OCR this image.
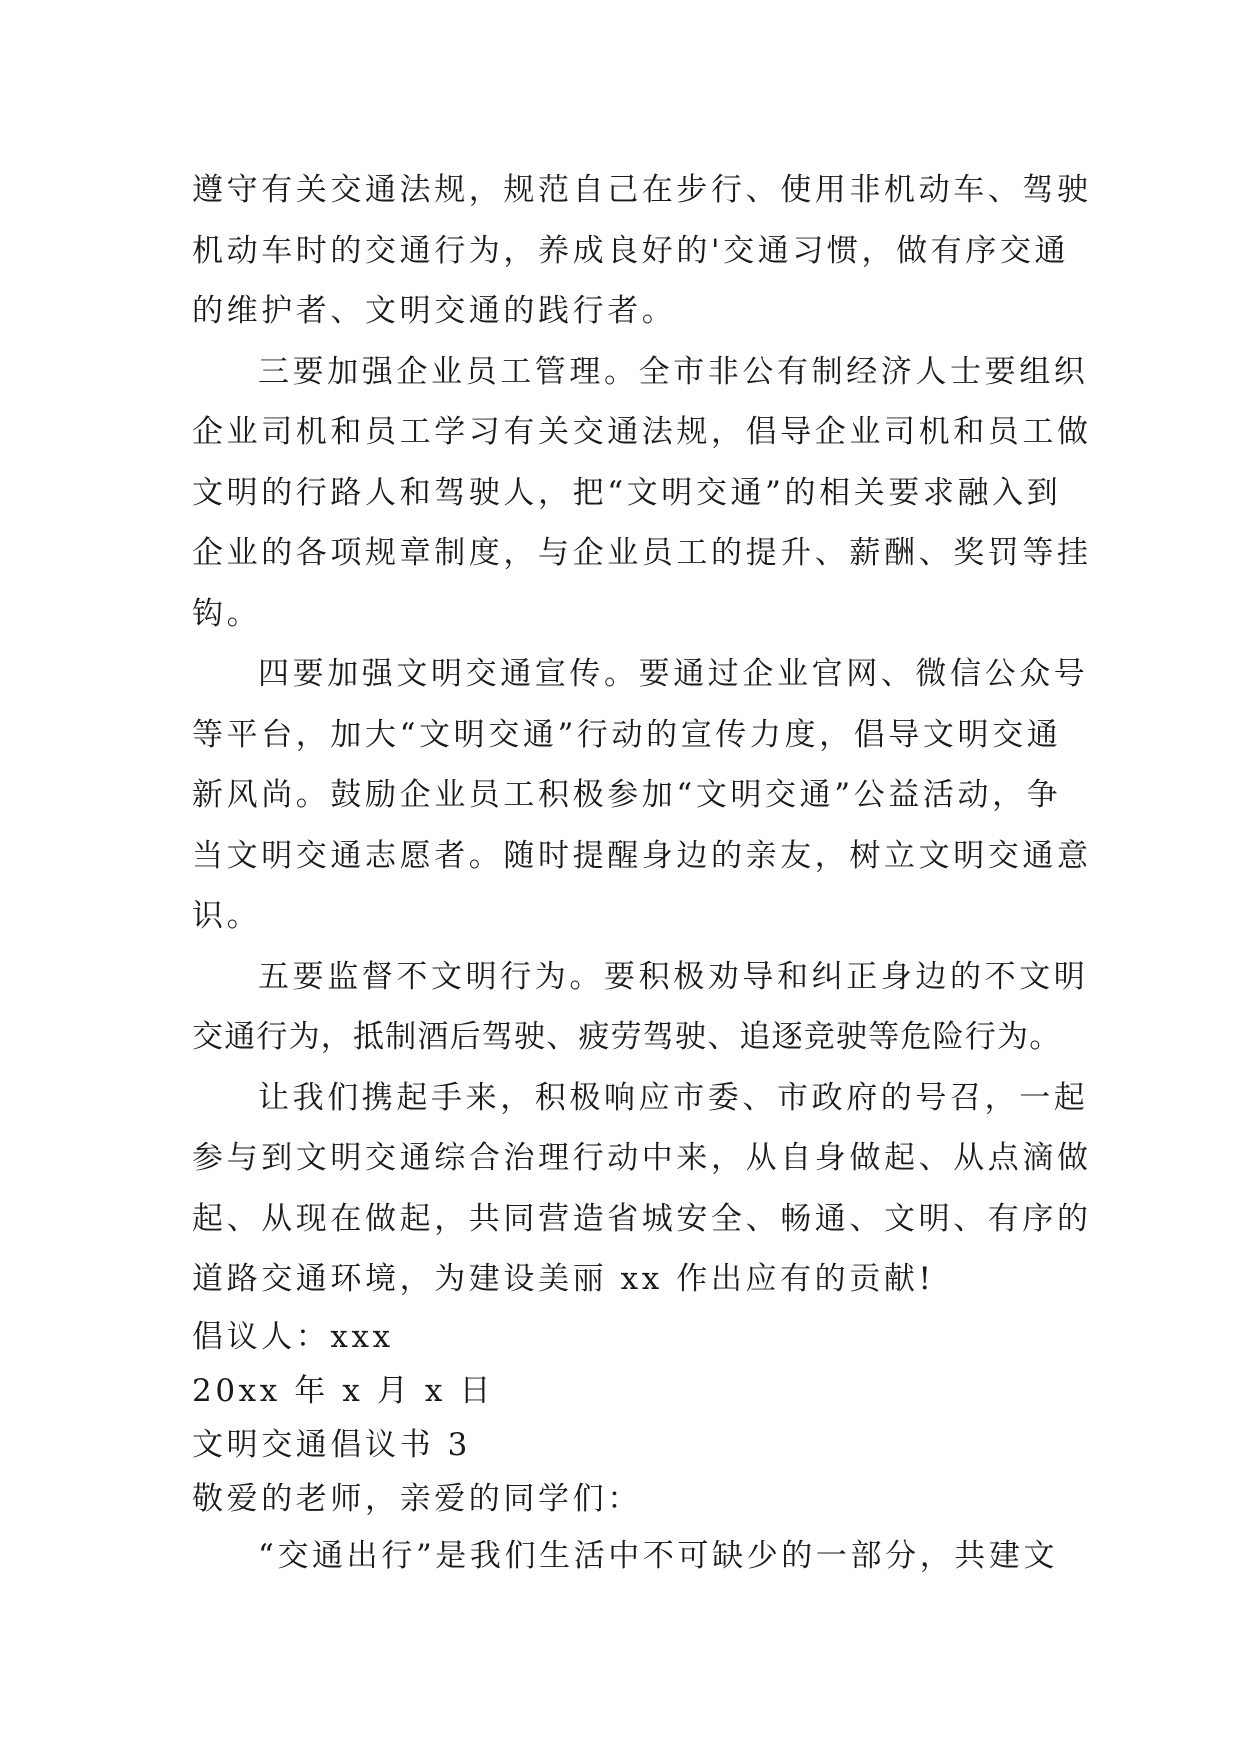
遵守有关交通法规，规范自己在步行、使用非机动车、驾驶
机动车时的交通行为，养成良好的'交通习惯，做有序交通
的维护者、文明交通的践行者。
三要加强企业员工管理。全市非公有制经济人士要组织
企业司机和员工学习有关交通法规，倡导企业司机和员工做
文明的行路人和驾驶人，把“文明交通”的相关要求融入到
企业的各项规章制度，与企业员工的提升、薪酬、奖罚等挂
钩。
四要加强文明交通宣传。要通过企业官网、微信公众号
等平台，加大“文明交通”行动的宣传力度，倡导文明交通
新风尚。鼓励企业员工积极参加“文明交通”公益活动，争
当文明交通志愿者。随时提醒身边的亲友，树立文明交通意
识。
五要监督不文明行为。要积极劝导和纠正身边的不文明
交通行为，抵制酒后驾驶、疲劳驾驶、追逐竞驶等危险行为。
让我们携起手来，积极响应市委、市政府的号召，一起
参与到文明交通综合治理行动中来，从自身做起、从点滴做
起、从现在做起，共同营造省城安全、畅通、文明、有序的
道路交通环境，为建设美丽 xx 作出应有的贡献!
倡议人：xxx
20xx 年 x 月 x 日
文明交通倡议书 3
敬爱的老师，亲爱的同学们：
“交通出行”是我们生活中不可缺少的一部分，共建文
